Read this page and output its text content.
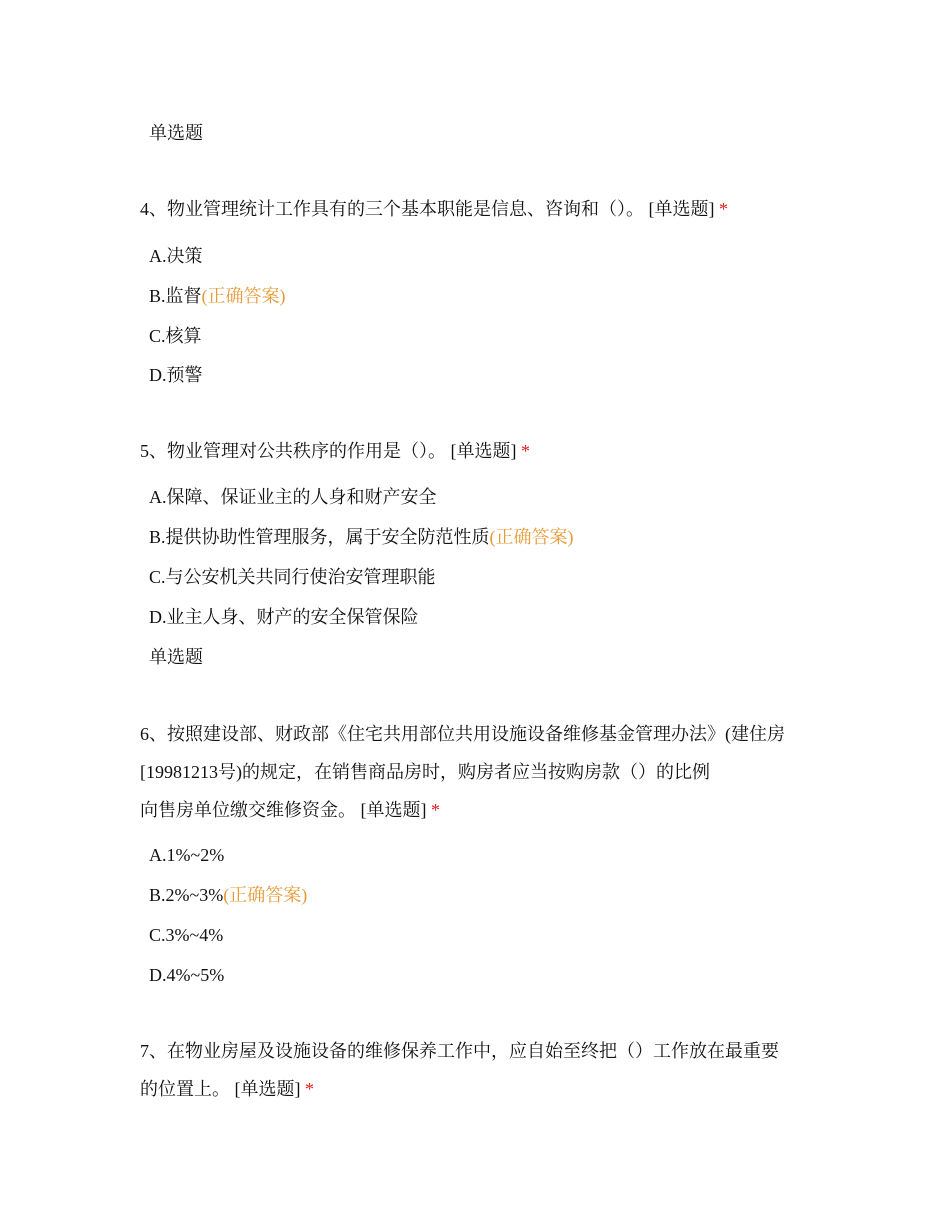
单选题
4、物业管理统计工作具有的三个基本职能是信息、咨询和（）。 [单选题] *
A.决策
B.监督(正确答案)
C.核算
D.预警
5、物业管理对公共秩序的作用是（）。 [单选题] *
A.保障、保证业主的人身和财产安全
B.提供协助性管理服务，属于安全防范性质(正确答案)
C.与公安机关共同行使治安管理职能
D.业主人身、财产的安全保管保险
单选题
6、按照建设部、财政部《住宅共用部位共用设施设备维修基金管理办法》(建住房
[19981213号)的规定，在销售商品房时，购房者应当按购房款（）的比例
向售房单位缴交维修资金。 [单选题] *
A.1%~2%
B.2%~3%(正确答案)
C.3%~4%
D.4%~5%
7、在物业房屋及设施设备的维修保养工作中，应自始至终把（）工作放在最重要
的位置上。 [单选题] *
